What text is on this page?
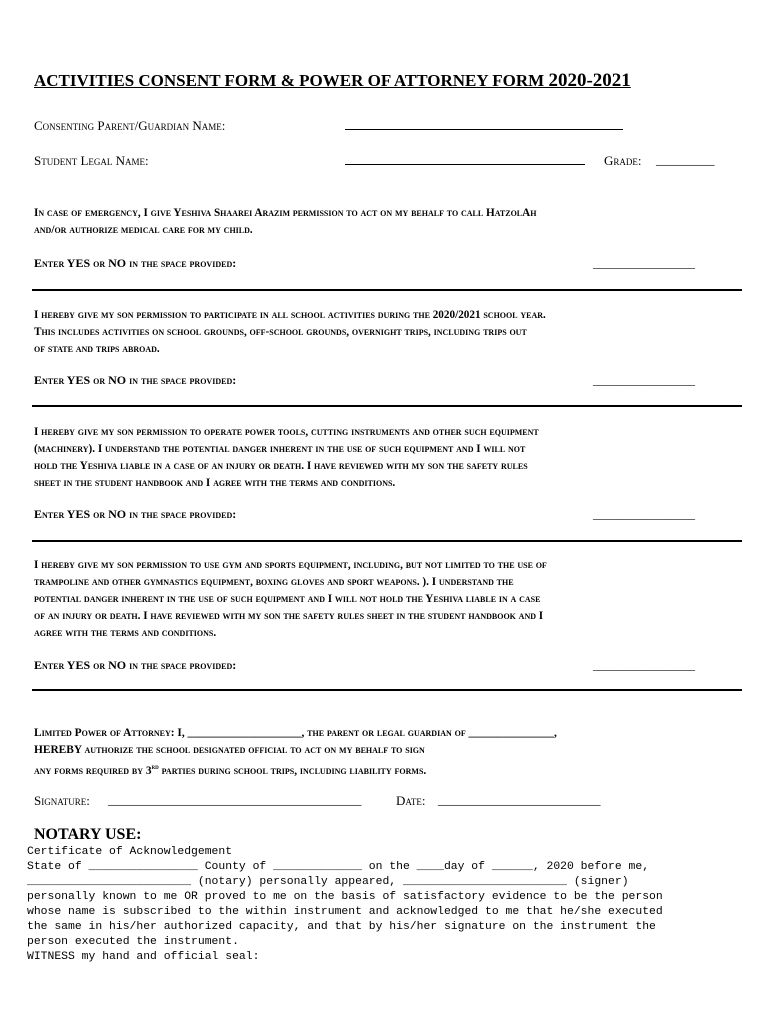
ACTIVITIES CONSENT FORM & POWER OF ATTORNEY FORM 2020-2021
Consenting Parent/Guardian Name:
Student Legal Name:	Grade: _________
In case of emergency, I give Yeshiva Shaarei Arazim permission to act on my behalf to call HatzolAh
and/or authorize medical care for my child.
Enter YES or NO in the space provided:	_________________
I hereby give my son permission to participate in all school activities during the 2020/2021 school year.
This includes activities on school grounds, off-school grounds, overnight trips, including trips out
of state and trips abroad.
Enter YES or NO in the space provided:	_________________
I hereby give my son permission to operate power tools, cutting instruments and other such equipment
(machinery). I understand the potential danger inherent in the use of such equipment and I will not
hold the Yeshiva liable in a case of an injury or death. I have reviewed with my son the safety rules
sheet in the student handbook and I agree with the terms and conditions.
Enter YES or NO in the space provided:	_________________
I hereby give my son permission to use gym and sports equipment, including, but not limited to the use of
trampoline and other gymnastics equipment, boxing gloves and sport weapons. ). I understand the
potential danger inherent in the use of such equipment and I will not hold the Yeshiva liable in a case
of an injury or death. I have reviewed with my son the safety rules sheet in the student handbook and I
agree with the terms and conditions.
Enter YES or NO in the space provided:	_________________
Limited Power of Attorney: I, ____________________, the parent or legal guardian of _______________,
HEREBY authorize the school designated official to act on my behalf to sign
any forms required by 3rd parties during school trips, including liability forms.
Signature: _______________________________________	Date: _________________________
NOTARY USE:
Certificate of Acknowledgement
State of ________________ County of _____________ on the ____day of ______, 2020 before me,
________________________ (notary) personally appeared, ________________________ (signer)
personally known to me OR proved to me on the basis of satisfactory evidence to be the person
whose name is subscribed to the within instrument and acknowledged to me that he/she executed
the same in his/her authorized capacity, and that by his/her signature on the instrument the
person executed the instrument.
WITNESS my hand and official seal:
